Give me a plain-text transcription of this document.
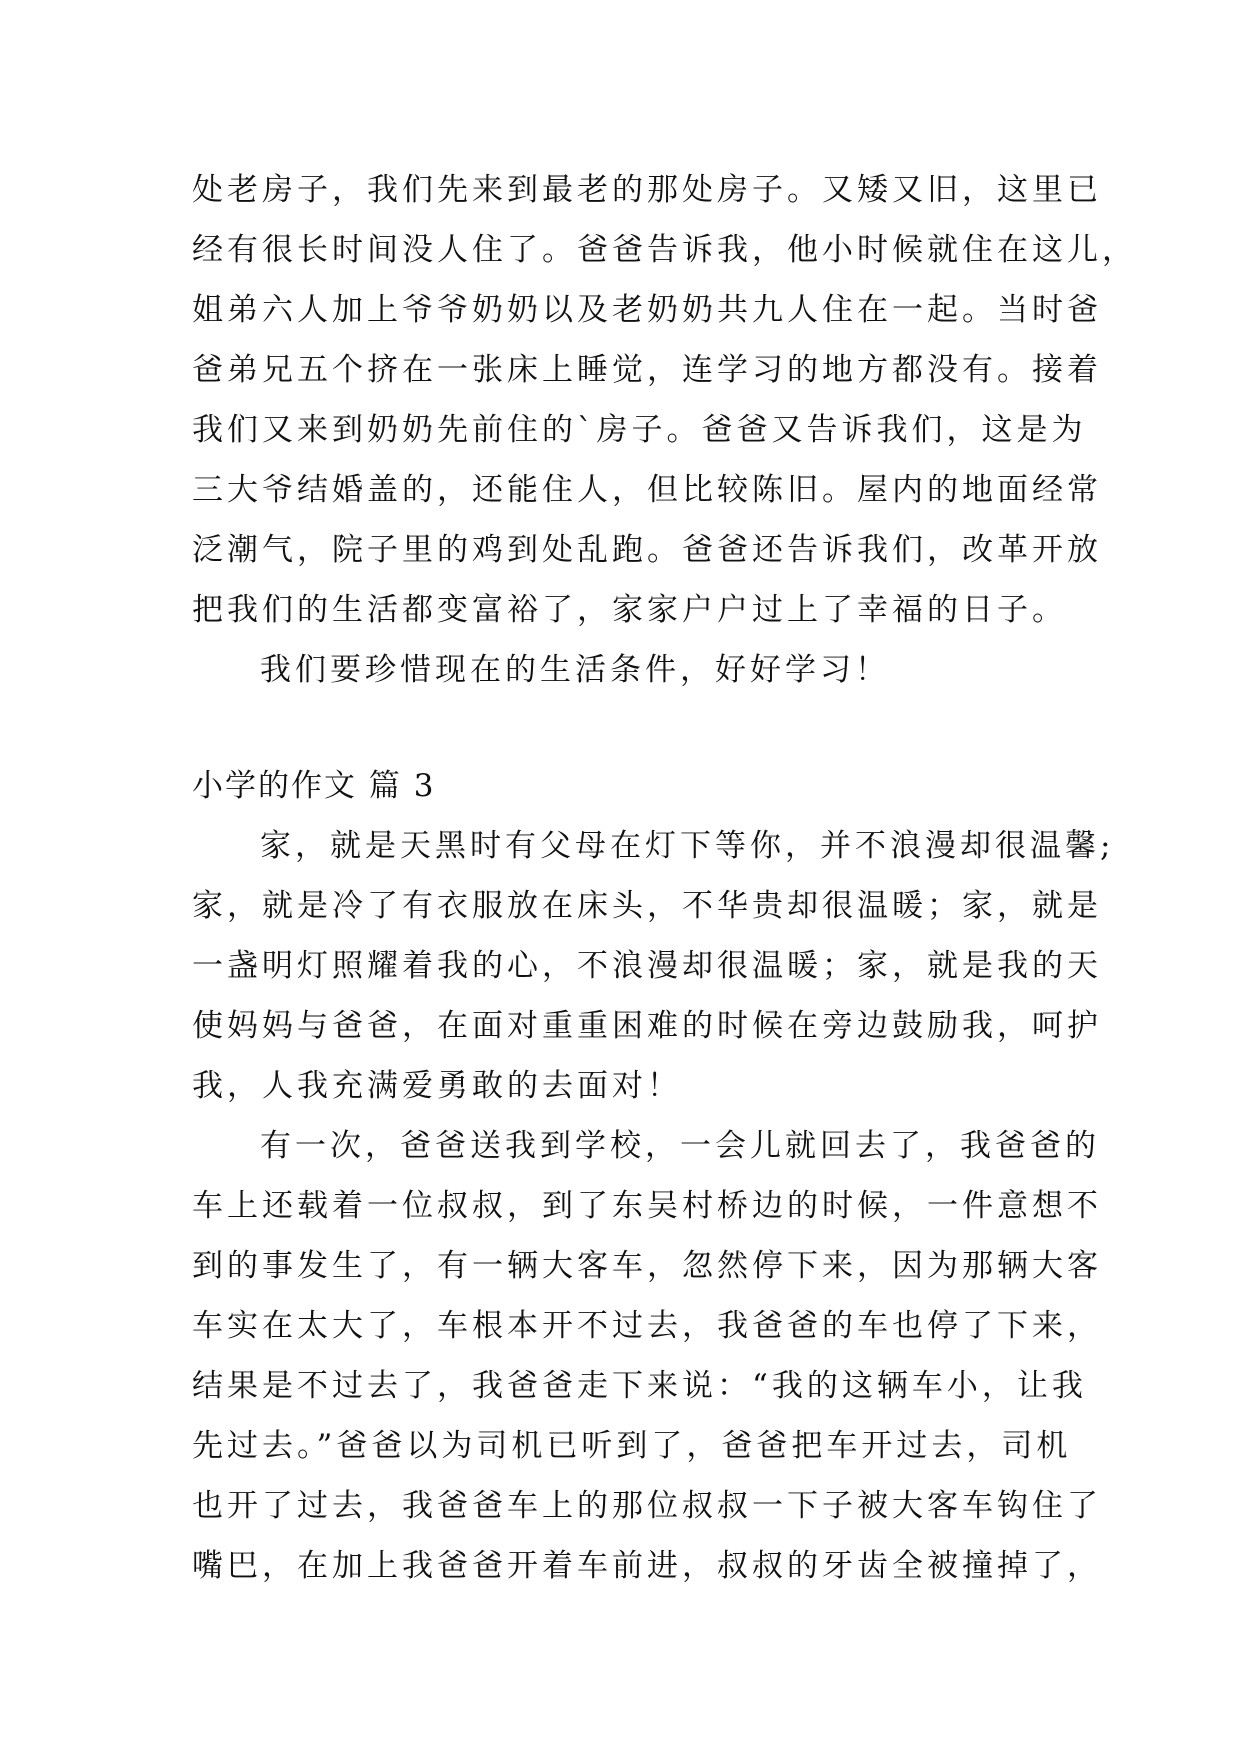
处老房子，我们先来到最老的那处房子。又矮又旧，这里已
经有很长时间没人住了。爸爸告诉我，他小时候就住在这儿，
姐弟六人加上爷爷奶奶以及老奶奶共九人住在一起。当时爸
爸弟兄五个挤在一张床上睡觉，连学习的地方都没有。接着
我们又来到奶奶先前住的`房子。爸爸又告诉我们，这是为
三大爷结婚盖的，还能住人，但比较陈旧。屋内的地面经常
泛潮气，院子里的鸡到处乱跑。爸爸还告诉我们，改革开放
把我们的生活都变富裕了，家家户户过上了幸福的日子。
我们要珍惜现在的生活条件，好好学习！
小学的作文 篇 3
家，就是天黑时有父母在灯下等你，并不浪漫却很温馨;
家，就是冷了有衣服放在床头，不华贵却很温暖；家，就是
一盏明灯照耀着我的心，不浪漫却很温暖；家，就是我的天
使妈妈与爸爸，在面对重重困难的时候在旁边鼓励我，呵护
我，人我充满爱勇敢的去面对！
有一次，爸爸送我到学校，一会儿就回去了，我爸爸的
车上还载着一位叔叔，到了东吴村桥边的时候，一件意想不
到的事发生了，有一辆大客车，忽然停下来，因为那辆大客
车实在太大了，车根本开不过去，我爸爸的车也停了下来，
结果是不过去了，我爸爸走下来说：“我的这辆车小，让我
先过去。”爸爸以为司机已听到了，爸爸把车开过去，司机
也开了过去，我爸爸车上的那位叔叔一下子被大客车钩住了
嘴巴，在加上我爸爸开着车前进，叔叔的牙齿全被撞掉了，
